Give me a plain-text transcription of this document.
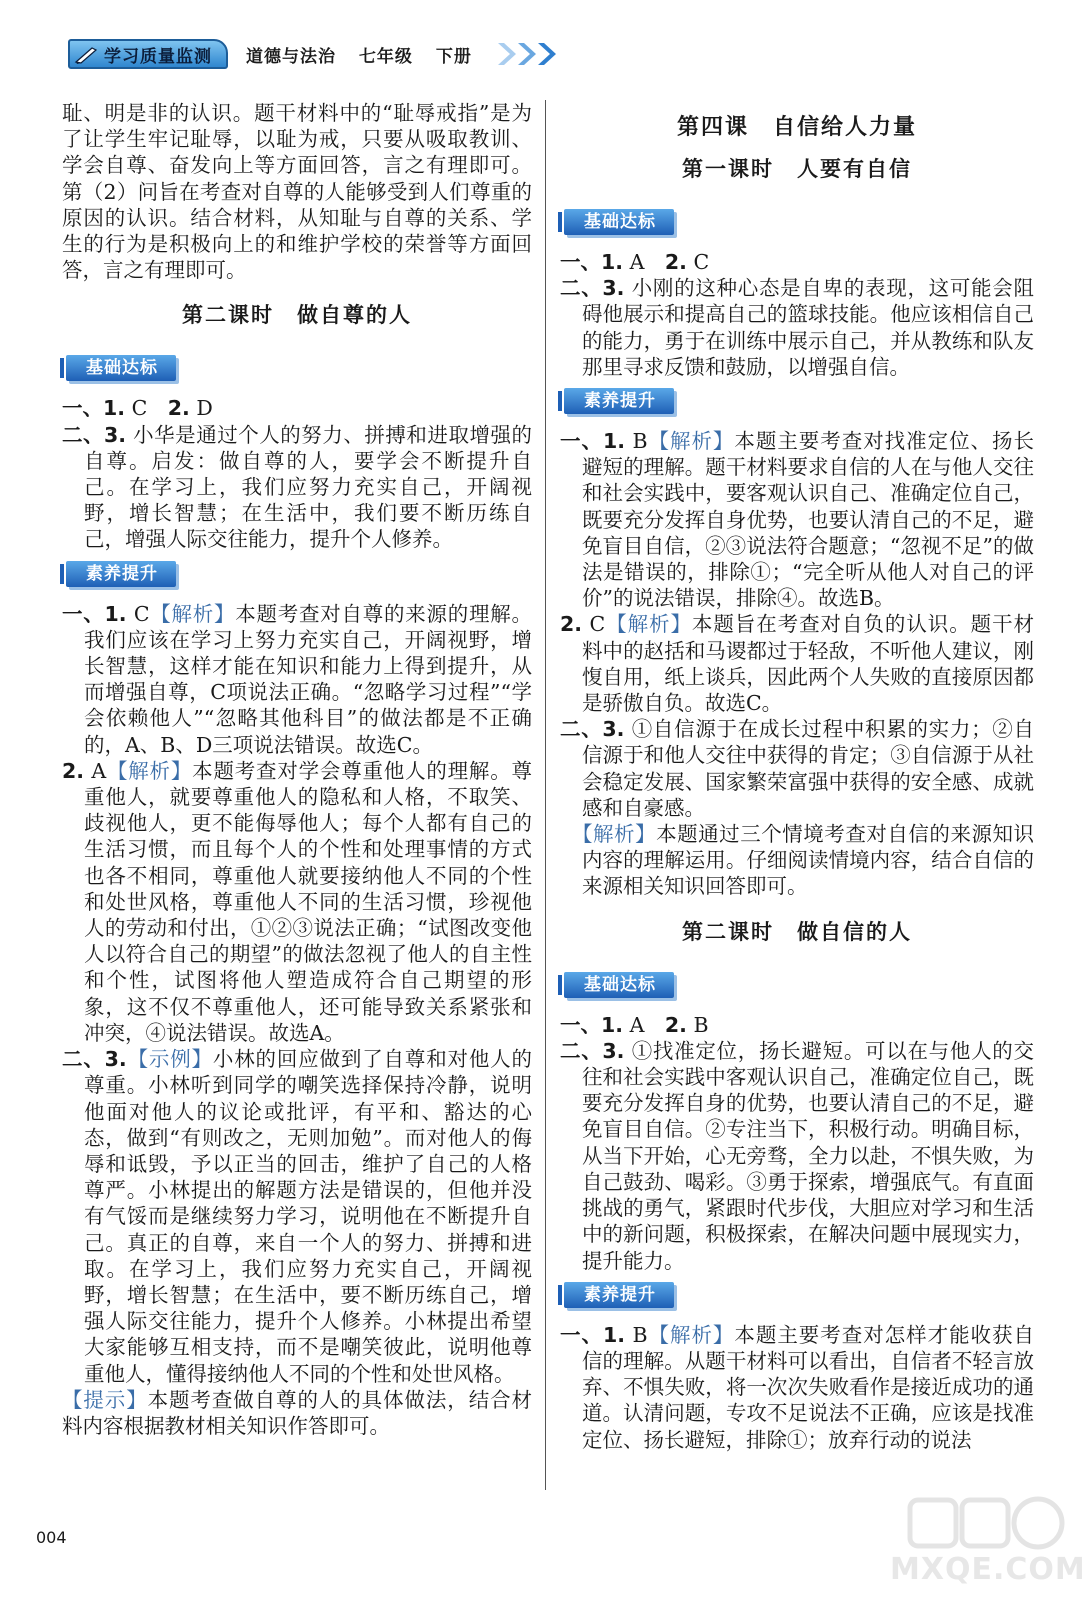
学习质量监测 道德与法治 七年级 下册

耻、明是非的认识。题干材料中的“耻辱戒指”是为了让学生牢记耻辱，以耻为戒，只要从吸取教训、学会自尊、奋发向上等方面回答，言之有理即可。第（2）问旨在考查对自尊的人能够受到人们尊重的原因的认识。结合材料，从知耻与自尊的关系、学生的行为是积极向上的和维护学校的荣誉等方面回答，言之有理即可。

第二课时　做自尊的人
基础达标

一、1. C　2. D

二、3. 小华是通过个人的努力、拼搏和进取增强的自尊。启发：做自尊的人，要学会不断提升自己。在学习上，我们应努力充实自己，开阔视野，增长智慧；在生活中，我们要不断历练自己，增强人际交往能力，提升个人修养。

素养提升

一、1. C【解析】本题考查对自尊的来源的理解。我们应该在学习上努力充实自己，开阔视野，增长智慧，这样才能在知识和能力上得到提升，从而增强自尊，C项说法正确。“忽略学习过程”“学会依赖他人”“忽略其他科目”的做法都是不正确的，A、B、D三项说法错误。故选C。

2. A【解析】本题考查对学会尊重他人的理解。尊重他人，就要尊重他人的隐私和人格，不取笑、歧视他人，更不能侮辱他人；每个人都有自己的生活习惯，而且每个人的个性和处理事情的方式也各不相同，尊重他人就要接纳他人不同的个性和处世风格，尊重他人不同的生活习惯，珍视他人的劳动和付出，①②③说法正确；“试图改变他人以符合自己的期望”的做法忽视了他人的自主性和个性，试图将他人塑造成符合自己期望的形象，这不仅不尊重他人，还可能导致关系紧张和冲突，④说法错误。故选A。

二、3.【示例】小林的回应做到了自尊和对他人的尊重。小林听到同学的嘲笑选择保持冷静，说明他面对他人的议论或批评，有平和、豁达的心态，做到“有则改之，无则加勉”。而对他人的侮辱和诋毁，予以正当的回击，维护了自己的人格尊严。小林提出的解题方法是错误的，但他并没有气馁而是继续努力学习，说明他在不断提升自己。真正的自尊，来自一个人的努力、拼搏和进取。在学习上，我们应努力充实自己，开阔视野，增长智慧；在生活中，要不断历练自己，增强人际交往能力，提升个人修养。小林提出希望大家能够互相支持，而不是嘲笑彼此，说明他尊重他人，懂得接纳他人不同的个性和处世风格。

【提示】本题考查做自尊的人的具体做法，结合材料内容根据教材相关知识作答即可。

第四课　自信给人力量
第一课时　人要有自信
基础达标

一、1. A　2. C

二、3. 小刚的这种心态是自卑的表现，这可能会阻碍他展示和提高自己的篮球技能。他应该相信自己的能力，勇于在训练中展示自己，并从教练和队友那里寻求反馈和鼓励，以增强自信。

素养提升

一、1. B【解析】本题主要考查对找准定位、扬长避短的理解。题干材料要求自信的人在与他人交往和社会实践中，要客观认识自己、准确定位自己，既要充分发挥自身优势，也要认清自己的不足，避免盲目自信，②③说法符合题意；“忽视不足”的做法是错误的，排除①；“完全听从他人对自己的评价”的说法错误，排除④。故选B。

2. C【解析】本题旨在考查对自负的认识。题干材料中的赵括和马谡都过于轻敌，不听他人建议，刚愎自用，纸上谈兵，因此两个人失败的直接原因都是骄傲自负。故选C。

二、3. ①自信源于在成长过程中积累的实力；②自信源于和他人交往中获得的肯定；③自信源于从社会稳定发展、国家繁荣富强中获得的安全感、成就感和自豪感。

【解析】本题通过三个情境考查对自信的来源知识内容的理解运用。仔细阅读情境内容，结合自信的来源相关知识回答即可。

第二课时　做自信的人
基础达标

一、1. A　2. B

二、3. ①找准定位，扬长避短。可以在与他人的交往和社会实践中客观认识自己，准确定位自己，既要充分发挥自身的优势，也要认清自己的不足，避免盲目自信。②专注当下，积极行动。明确目标，从当下开始，心无旁骛，全力以赴，不惧失败，为自己鼓劲、喝彩。③勇于探索，增强底气。有直面挑战的勇气，紧跟时代步伐，大胆应对学习和生活中的新问题，积极探索，在解决问题中展现实力，提升能力。

素养提升

一、1. B【解析】本题主要考查对怎样才能收获自信的理解。从题干材料可以看出，自信者不轻言放弃、不惧失败，将一次次失败看作是接近成功的通道。认清问题，专攻不足说法不正确，应该是找准定位、扬长避短，排除①；放弃行动的说法

004
MXQE.COM
